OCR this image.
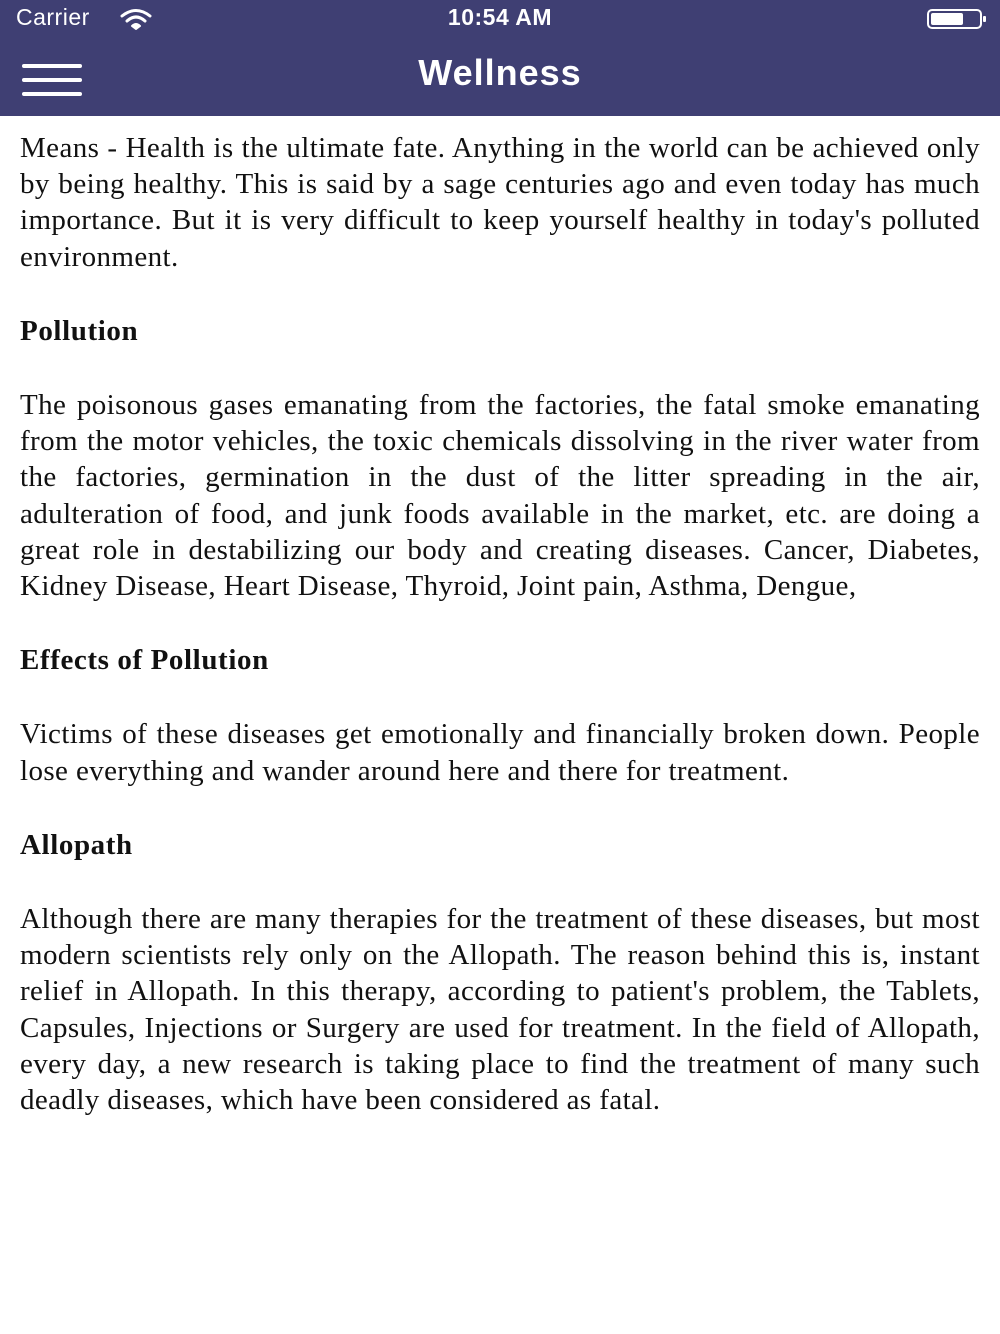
Carrier	10:54 AM
Wellness

Means - Health is the ultimate fate. Anything in the world can be achieved only by being healthy. This is said by a sage centuries ago and even today has much importance. But it is very difficult to keep yourself healthy in today's polluted environment.

Pollution

The poisonous gases emanating from the factories, the fatal smoke emanating from the motor vehicles, the toxic chemicals dissolving in the river water from the factories, germination in the dust of the litter spreading in the air, adulteration of food, and junk foods available in the market, etc. are doing a great role in destabilizing our body and creating diseases. Cancer, Diabetes, Kidney Disease, Heart Disease, Thyroid, Joint pain, Asthma, Dengue,

Effects of Pollution

Victims of these diseases get emotionally and financially broken down. People lose everything and wander around here and there for treatment.

Allopath

Although there are many therapies for the treatment of these diseases, but most modern scientists rely only on the Allopath. The reason behind this is, instant relief in Allopath. In this therapy, according to patient's problem, the Tablets, Capsules, Injections or Surgery are used for treatment. In the field of Allopath, every day, a new research is taking place to find the treatment of many such deadly diseases, which have been considered as fatal.
